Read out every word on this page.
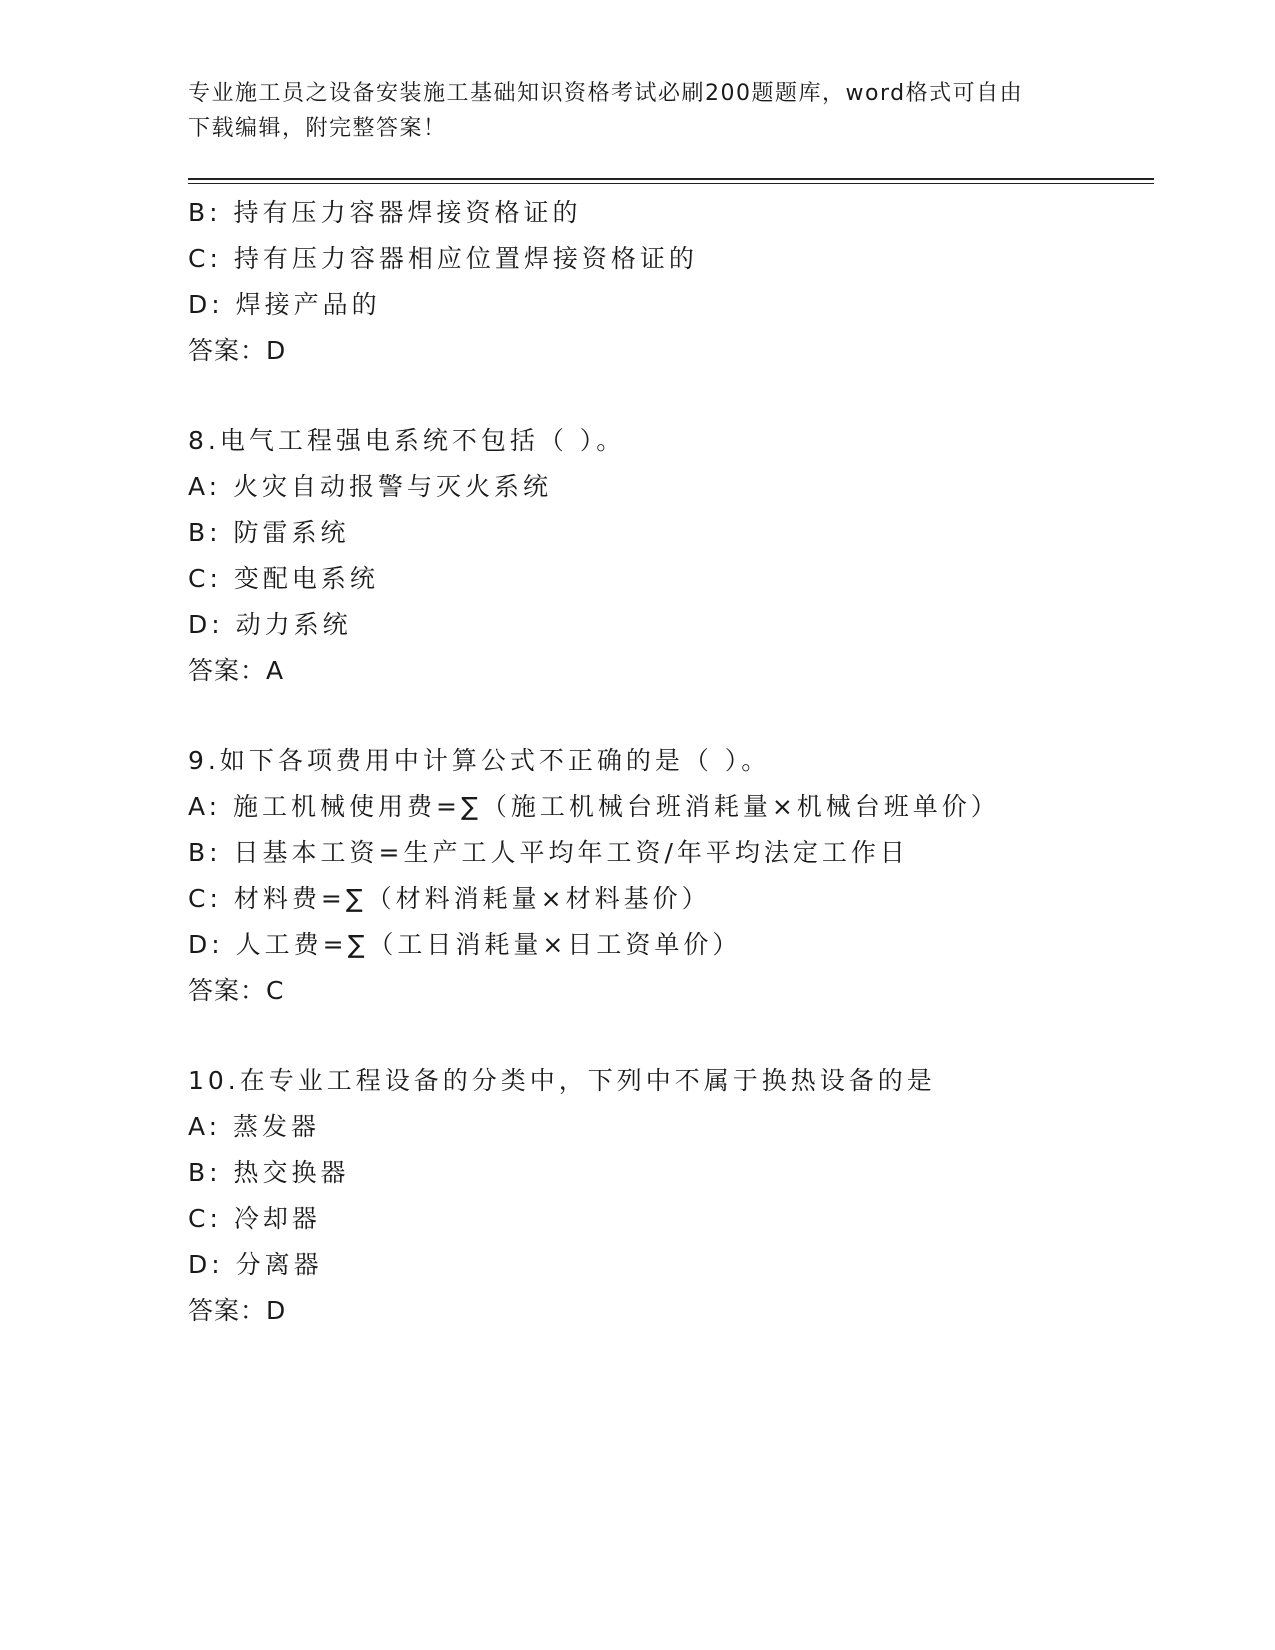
专业施工员之设备安装施工基础知识资格考试必刷200题题库，word格式可自由
下载编辑，附完整答案！
B: 持有压力容器焊接资格证的
C: 持有压力容器相应位置焊接资格证的
D: 焊接产品的
答案：D
8.电气工程强电系统不包括（ ）。
A: 火灾自动报警与灭火系统
B: 防雷系统
C: 变配电系统
D: 动力系统
答案：A
9.如下各项费用中计算公式不正确的是（ ）。
A: 施工机械使用费=∑（施工机械台班消耗量×机械台班单价）
B: 日基本工资=生产工人平均年工资/年平均法定工作日
C: 材料费=∑（材料消耗量×材料基价）
D: 人工费=∑（工日消耗量×日工资单价）
答案：C
10.在专业工程设备的分类中，下列中不属于换热设备的是
A: 蒸发器
B: 热交换器
C: 冷却器
D: 分离器
答案：D
